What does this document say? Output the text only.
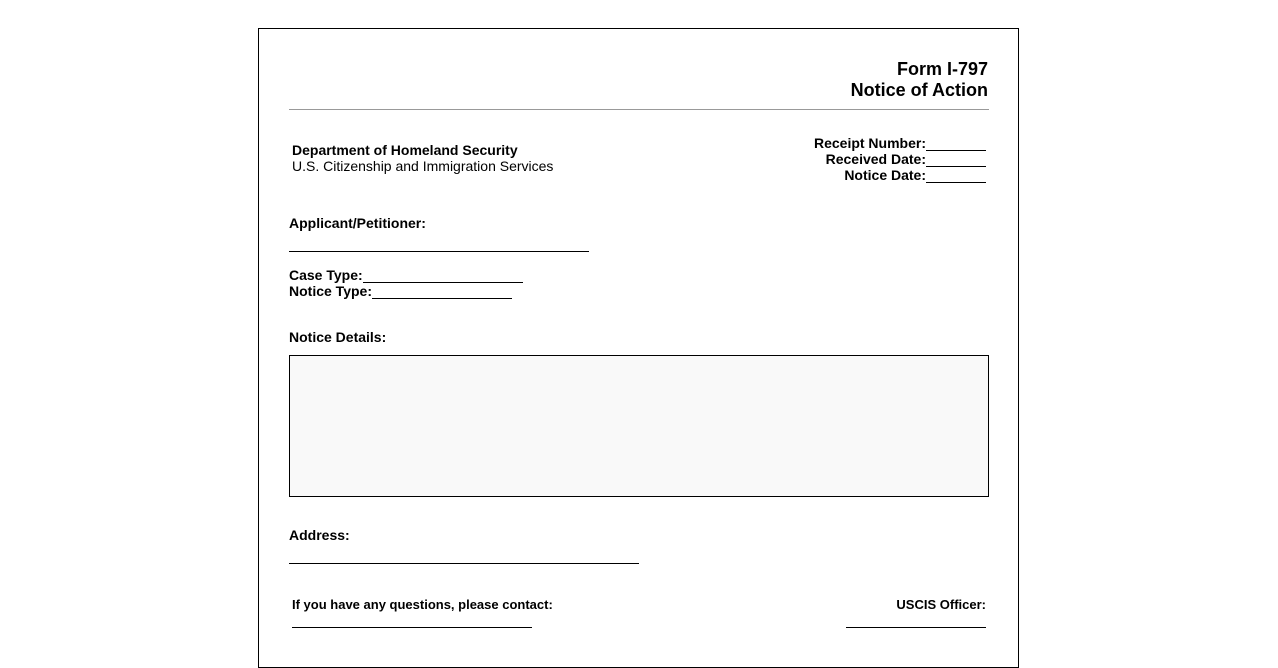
Form I-797
Notice of Action
Department of Homeland Security
U.S. Citizenship and Immigration Services
Receipt Number:
Received Date:
Notice Date:
Applicant/Petitioner:
Case Type:
Notice Type:
Notice Details:
Address:
If you have any questions, please contact:	USCIS Officer:
